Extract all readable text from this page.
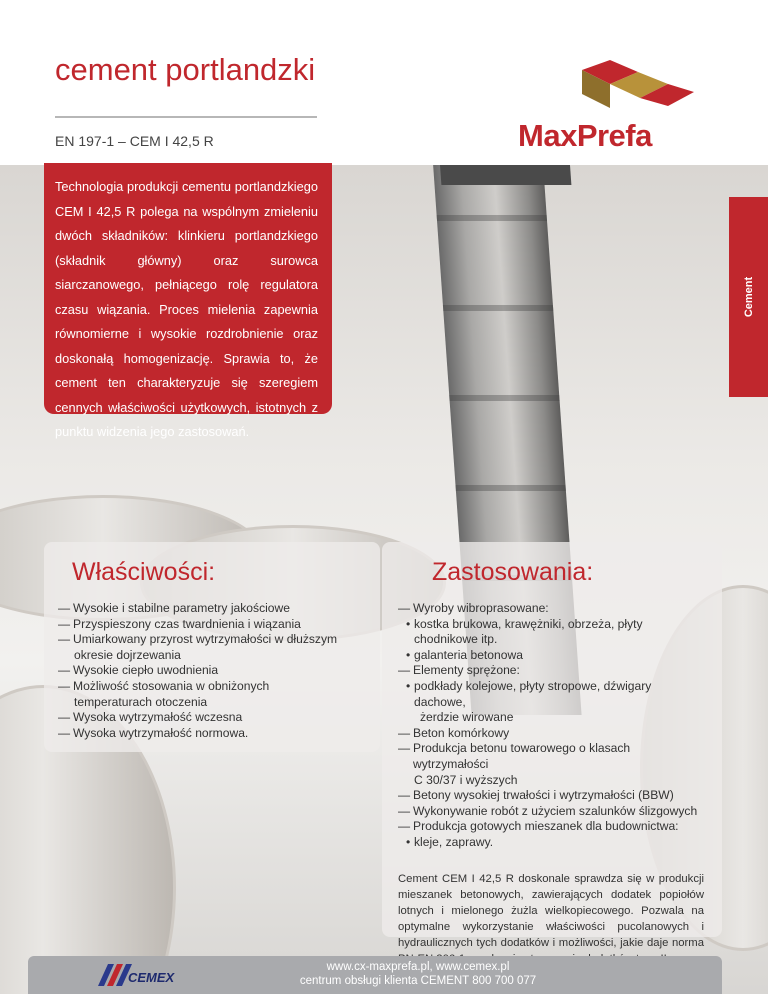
cement portlandzki
EN 197-1 – CEM I 42,5 R	MaxPrefa
Cement
Technologia produkcji cementu portlandzkiego CEM I 42,5 R polega na wspólnym zmieleniu dwóch składników: klinkieru portlandzkiego (składnik główny) oraz surowca siarczanowego, pełniącego rolę regulatora czasu wiązania. Proces mielenia zapewnia równomierne i wysokie rozdrobnienie oraz doskonałą homogenizację. Sprawia to, że cement ten charakteryzuje się szeregiem cennych właściwości użytkowych, istotnych z punktu widzenia jego zastosowań.
Właściwości:
— Wysokie i stabilne parametry jakościowe
— Przyspieszony czas twardnienia i wiązania
— Umiarkowany przyrost wytrzymałości w dłuższym
okresie dojrzewania
— Wysokie ciepło uwodnienia
— Możliwość stosowania w obniżonych
temperaturach otoczenia
— Wysoka wytrzymałość wczesna
— Wysoka wytrzymałość normowa.
Zastosowania:
— Wyroby wibroprasowane:
• kostka brukowa, krawężniki, obrzeża, płyty chodnikowe itp.
• galanteria betonowa
— Elementy sprężone:
• podkłady kolejowe, płyty stropowe, dźwigary dachowe,
żerdzie wirowane
— Beton komórkowy
— Produkcja betonu towarowego o klasach wytrzymałości
C 30/37 i wyższych
— Betony wysokiej trwałości i wytrzymałości (BBW)
— Wykonywanie robót z użyciem szalunków ślizgowych
— Produkcja gotowych mieszanek dla budownictwa:
• kleje, zaprawy.
Cement CEM I 42,5 R doskonale sprawdza się w produkcji mieszanek betonowych, zawierających dodatek popiołów lotnych i mielonego żużla wielkopiecowego. Pozwala na optymalne wykorzystanie właściwości pucolanowych i hydraulicznych tych dodatków i możliwości, jakie daje norma
CEMEX
www.cx-maxprefa.pl, www.cemex.pl
centrum obsługi klienta CEMENT 800 700 077
